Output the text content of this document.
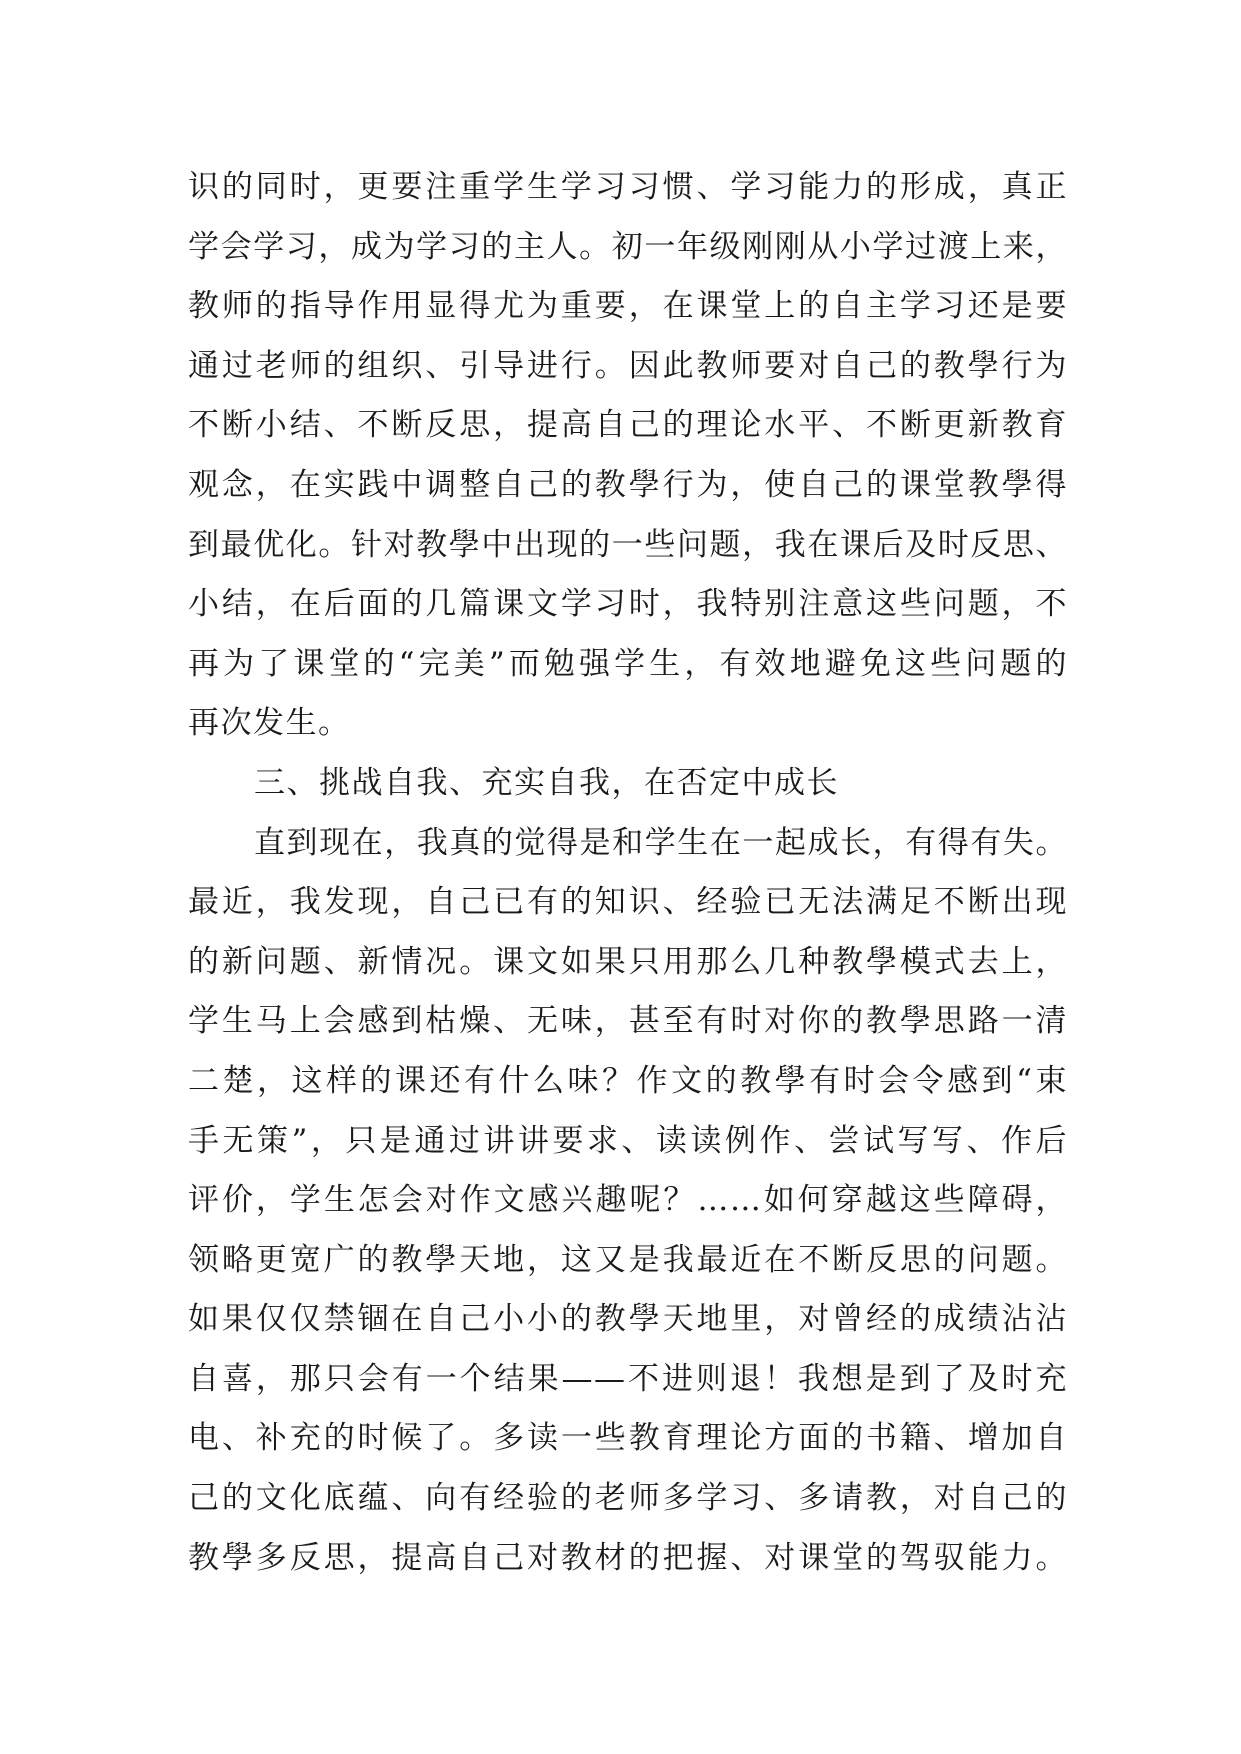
识的同时，更要注重学生学习习惯、学习能力的形成，真正
学会学习，成为学习的主人。初一年级刚刚从小学过渡上来，
教师的指导作用显得尤为重要，在课堂上的自主学习还是要
通过老师的组织、引导进行。因此教师要对自己的教學行为
不断小结、不断反思，提高自己的理论水平、不断更新教育
观念，在实践中调整自己的教學行为，使自己的课堂教學得
到最优化。针对教學中出现的一些问题，我在课后及时反思、
小结，在后面的几篇课文学习时，我特别注意这些问题，不
再为了课堂的“完美”而勉强学生，有效地避免这些问题的
再次发生。
三、挑战自我、充实自我，在否定中成长
直到现在，我真的觉得是和学生在一起成长，有得有失。
最近，我发现，自己已有的知识、经验已无法满足不断出现
的新问题、新情况。课文如果只用那么几种教學模式去上，
学生马上会感到枯燥、无味，甚至有时对你的教學思路一清
二楚，这样的课还有什么味？作文的教學有时会令感到“束
手无策”，只是通过讲讲要求、读读例作、尝试写写、作后
评价，学生怎会对作文感兴趣呢？……如何穿越这些障碍，
领略更宽广的教學天地，这又是我最近在不断反思的问题。
如果仅仅禁锢在自己小小的教學天地里，对曾经的成绩沾沾
自喜，那只会有一个结果——不进则退！我想是到了及时充
电、补充的时候了。多读一些教育理论方面的书籍、增加自
己的文化底蕴、向有经验的老师多学习、多请教，对自己的
教學多反思，提高自己对教材的把握、对课堂的驾驭能力。
